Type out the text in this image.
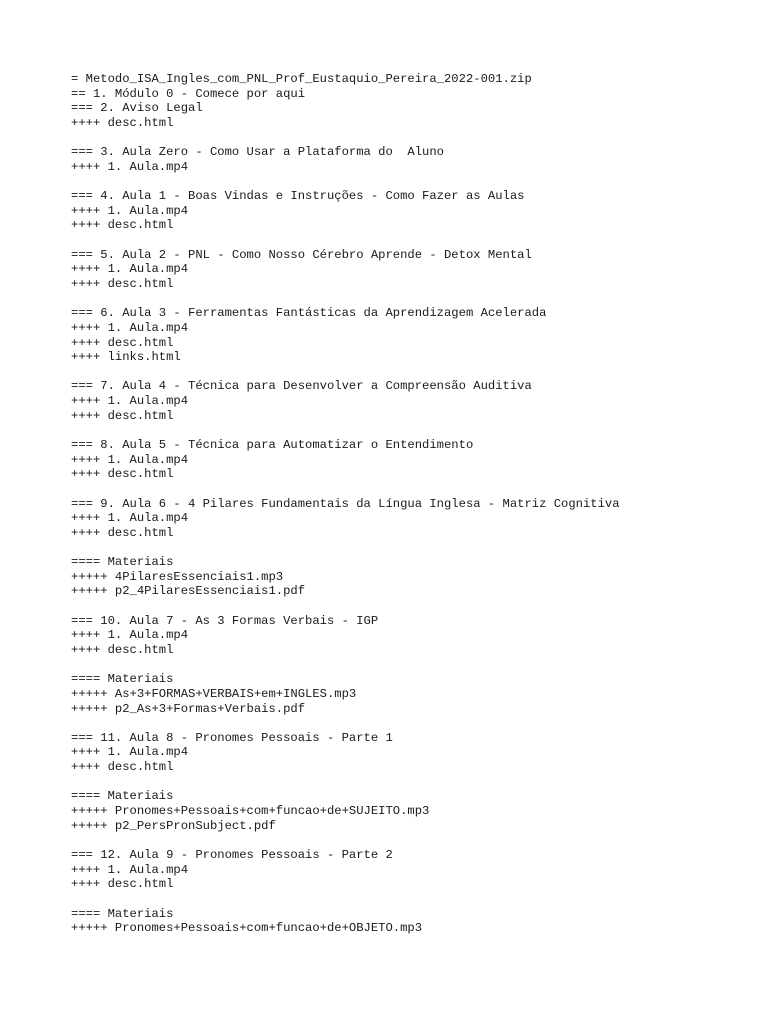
= Metodo_ISA_Ingles_com_PNL_Prof_Eustaquio_Pereira_2022-001.zip
== 1. Módulo 0 - Comece por aqui
=== 2. Aviso Legal
++++ desc.html
=== 3. Aula Zero - Como Usar a Plataforma do  Aluno
++++ 1. Aula.mp4
=== 4. Aula 1 - Boas Vindas e Instruções - Como Fazer as Aulas
++++ 1. Aula.mp4
++++ desc.html
=== 5. Aula 2 - PNL - Como Nosso Cérebro Aprende - Detox Mental
++++ 1. Aula.mp4
++++ desc.html
=== 6. Aula 3 - Ferramentas Fantásticas da Aprendizagem Acelerada
++++ 1. Aula.mp4
++++ desc.html
++++ links.html
=== 7. Aula 4 - Técnica para Desenvolver a Compreensão Auditiva
++++ 1. Aula.mp4
++++ desc.html
=== 8. Aula 5 - Técnica para Automatizar o Entendimento
++++ 1. Aula.mp4
++++ desc.html
=== 9. Aula 6 - 4 Pilares Fundamentais da Língua Inglesa - Matriz Cognitiva
++++ 1. Aula.mp4
++++ desc.html
==== Materiais
+++++ 4PilaresEssenciais1.mp3
+++++ p2_4PilaresEssenciais1.pdf
=== 10. Aula 7 - As 3 Formas Verbais - IGP
++++ 1. Aula.mp4
++++ desc.html
==== Materiais
+++++ As+3+FORMAS+VERBAIS+em+INGLES.mp3
+++++ p2_As+3+Formas+Verbais.pdf
=== 11. Aula 8 - Pronomes Pessoais - Parte 1
++++ 1. Aula.mp4
++++ desc.html
==== Materiais
+++++ Pronomes+Pessoais+com+funcao+de+SUJEITO.mp3
+++++ p2_PersPronSubject.pdf
=== 12. Aula 9 - Pronomes Pessoais - Parte 2
++++ 1. Aula.mp4
++++ desc.html
==== Materiais
+++++ Pronomes+Pessoais+com+funcao+de+OBJETO.mp3
